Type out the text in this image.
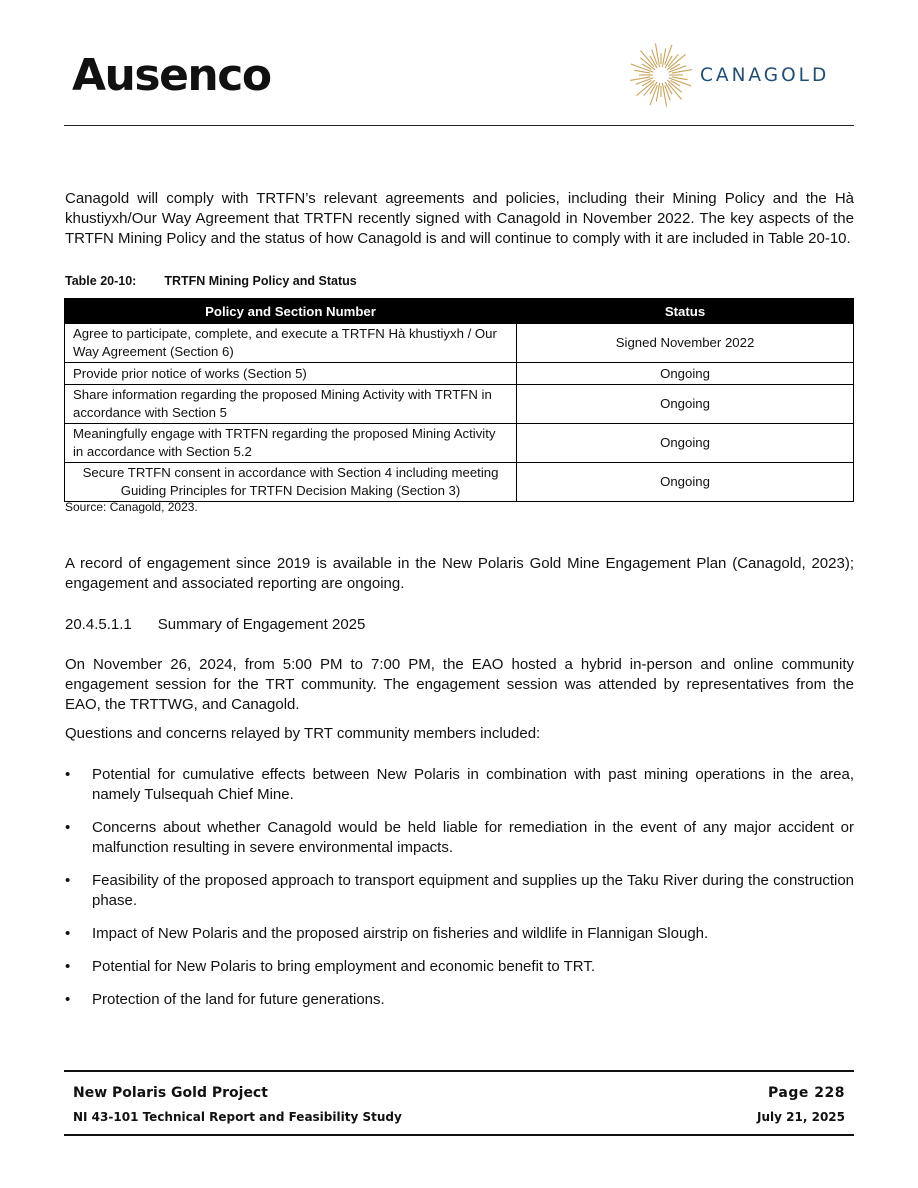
Ausenco	CANAGOLD
Canagold will comply with TRTFN’s relevant agreements and policies, including their Mining Policy and the Hà khustiyxh/Our Way Agreement that TRTFN recently signed with Canagold in November 2022. The key aspects of the TRTFN Mining Policy and the status of how Canagold is and will continue to comply with it are included in Table 20-10.
Table 20-10: TRTFN Mining Policy and Status
Policy and Section Number	Status
Agree to participate, complete, and execute a TRTFN Hà khustiyxh / Our Way Agreement (Section 6)	Signed November 2022
Provide prior notice of works (Section 5)	Ongoing
Share information regarding the proposed Mining Activity with TRTFN in accordance with Section 5	Ongoing
Meaningfully engage with TRTFN regarding the proposed Mining Activity in accordance with Section 5.2	Ongoing
Secure TRTFN consent in accordance with Section 4 including meeting Guiding Principles for TRTFN Decision Making (Section 3)	Ongoing
Source: Canagold, 2023.
A record of engagement since 2019 is available in the New Polaris Gold Mine Engagement Plan (Canagold, 2023); engagement and associated reporting are ongoing.
20.4.5.1.1 Summary of Engagement 2025
On November 26, 2024, from 5:00 PM to 7:00 PM, the EAO hosted a hybrid in-person and online community engagement session for the TRT community. The engagement session was attended by representatives from the EAO, the TRTTWG, and Canagold.
Questions and concerns relayed by TRT community members included:
• Potential for cumulative effects between New Polaris in combination with past mining operations in the area, namely Tulsequah Chief Mine.
• Concerns about whether Canagold would be held liable for remediation in the event of any major accident or malfunction resulting in severe environmental impacts.
• Feasibility of the proposed approach to transport equipment and supplies up the Taku River during the construction phase.
• Impact of New Polaris and the proposed airstrip on fisheries and wildlife in Flannigan Slough.
• Potential for New Polaris to bring employment and economic benefit to TRT.
• Protection of the land for future generations.
New Polaris Gold Project
NI 43-101 Technical Report and Feasibility Study
Page 228
July 21, 2025
